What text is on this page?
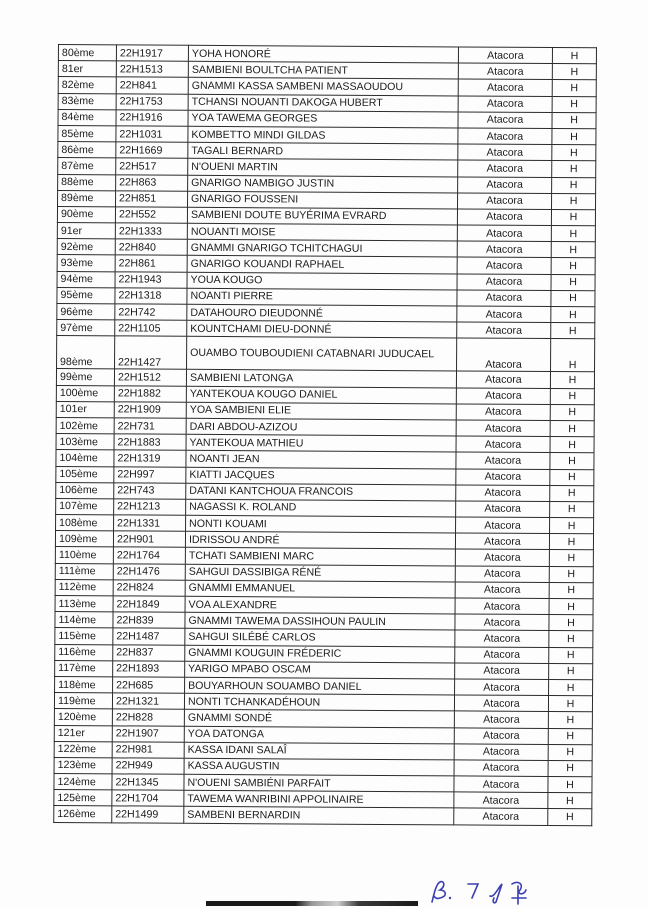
80ème	22H1917	YOHA HONORÉ	Atacora	H
81er	22H1513	SAMBIENI BOULTCHA PATIENT	Atacora	H
82ème	22H841	GNAMMI KASSA SAMBENI MASSAOUDOU	Atacora	H
83ème	22H1753	TCHANSI NOUANTI DAKOGA HUBERT	Atacora	H
84ème	22H1916	YOA TAWEMA GEORGES	Atacora	H
85ème	22H1031	KOMBETTO MINDI GILDAS	Atacora	H
86ème	22H1669	TAGALI BERNARD	Atacora	H
87ème	22H517	N'OUENI MARTIN	Atacora	H
88ème	22H863	GNARIGO NAMBIGO JUSTIN	Atacora	H
89ème	22H851	GNARIGO FOUSSENI	Atacora	H
90ème	22H552	SAMBIENI DOUTE BUYÉRIMA EVRARD	Atacora	H
91er	22H1333	NOUANTI MOISE	Atacora	H
92ème	22H840	GNAMMI GNARIGO TCHITCHAGUI	Atacora	H
93ème	22H861	GNARIGO KOUANDI RAPHAEL	Atacora	H
94ème	22H1943	YOUA KOUGO	Atacora	H
95ème	22H1318	NOANTI PIERRE	Atacora	H
96ème	22H742	DATAHOURO DIEUDONNÉ	Atacora	H
97ème	22H1105	KOUNTCHAMI DIEU-DONNÉ	Atacora	H
98ème	22H1427	OUAMBO TOUBOUDIENI CATABNARI JUDUCAEL	Atacora	H
99ème	22H1512	SAMBIENI LATONGA	Atacora	H
100ème	22H1882	YANTEKOUA KOUGO DANIEL	Atacora	H
101er	22H1909	YOA SAMBIENI ELIE	Atacora	H
102ème	22H731	DARI ABDOU-AZIZOU	Atacora	H
103ème	22H1883	YANTEKOUA MATHIEU	Atacora	H
104ème	22H1319	NOANTI JEAN	Atacora	H
105ème	22H997	KIATTI JACQUES	Atacora	H
106ème	22H743	DATANI KANTCHOUA FRANCOIS	Atacora	H
107ème	22H1213	NAGASSI K. ROLAND	Atacora	H
108ème	22H1331	NONTI KOUAMI	Atacora	H
109ème	22H901	IDRISSOU ANDRÉ	Atacora	H
110ème	22H1764	TCHATI SAMBIENI MARC	Atacora	H
111ème	22H1476	SAHGUI DASSIBIGA RÉNÉ	Atacora	H
112ème	22H824	GNAMMI EMMANUEL	Atacora	H
113ème	22H1849	VOA ALEXANDRE	Atacora	H
114ème	22H839	GNAMMI TAWEMA DASSIHOUN PAULIN	Atacora	H
115ème	22H1487	SAHGUI SILÉBÉ CARLOS	Atacora	H
116ème	22H837	GNAMMI KOUGUIN FRÉDERIC	Atacora	H
117ème	22H1893	YARIGO MPABO OSCAM	Atacora	H
118ème	22H685	BOUYARHOUN SOUAMBO DANIEL	Atacora	H
119ème	22H1321	NONTI TCHANKADÉHOUN	Atacora	H
120ème	22H828	GNAMMI SONDÉ	Atacora	H
121er	22H1907	YOA DATONGA	Atacora	H
122ème	22H981	KASSA IDANI SALAÎ	Atacora	H
123ème	22H949	KASSA AUGUSTIN	Atacora	H
124ème	22H1345	N'OUENI SAMBIÉNI PARFAIT	Atacora	H
125ème	22H1704	TAWEMA WANRIBINI APPOLINAIRE	Atacora	H
126ème	22H1499	SAMBENI BERNARDIN	Atacora	H
